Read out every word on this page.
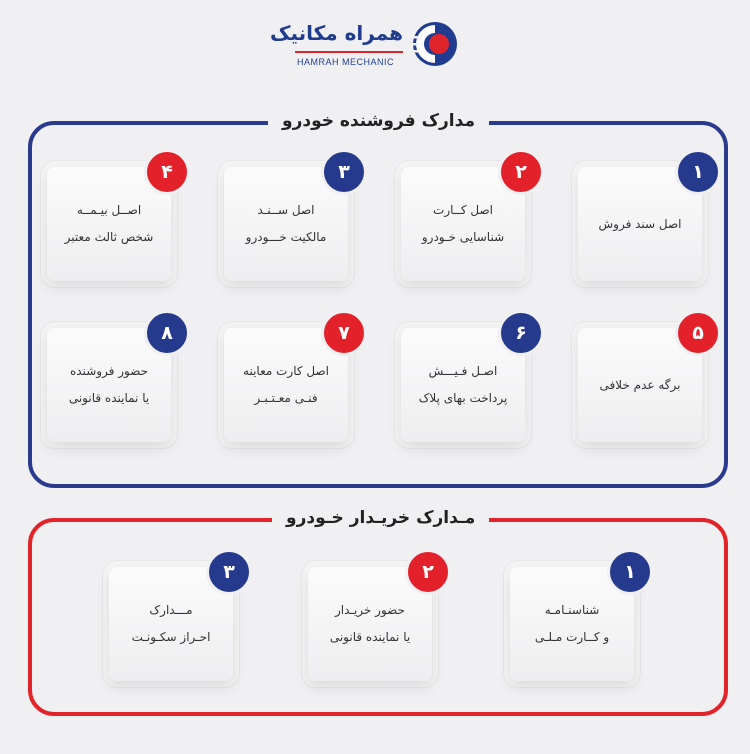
همراه مکانیک
HAMRAH MECHANIC
مدارک فروشنده خودرو
مـدارک خریـدار خـودرو
اصل سند فروش
۱
اصل کــارت
شناسایی خـودرو
۲
اصل ســنـد
مالکیت خـــودرو
۳
اصــل بیـمــه
شخص ثالث معتبر
۴
برگه عدم خلافی
۵
اصـل فـیـــش
پرداخت بهای پلاک
۶
اصل کارت معاینه
فنـی معـتـبـر
۷
حضور فروشنده
یا نماینده قانونی
۸
شناسنـامـه
و کــارت مـلـی
۱
حضور خریـدار
یا نماینده قانونی
۲
مـــدارک
احـراز سکـونـت
۳
